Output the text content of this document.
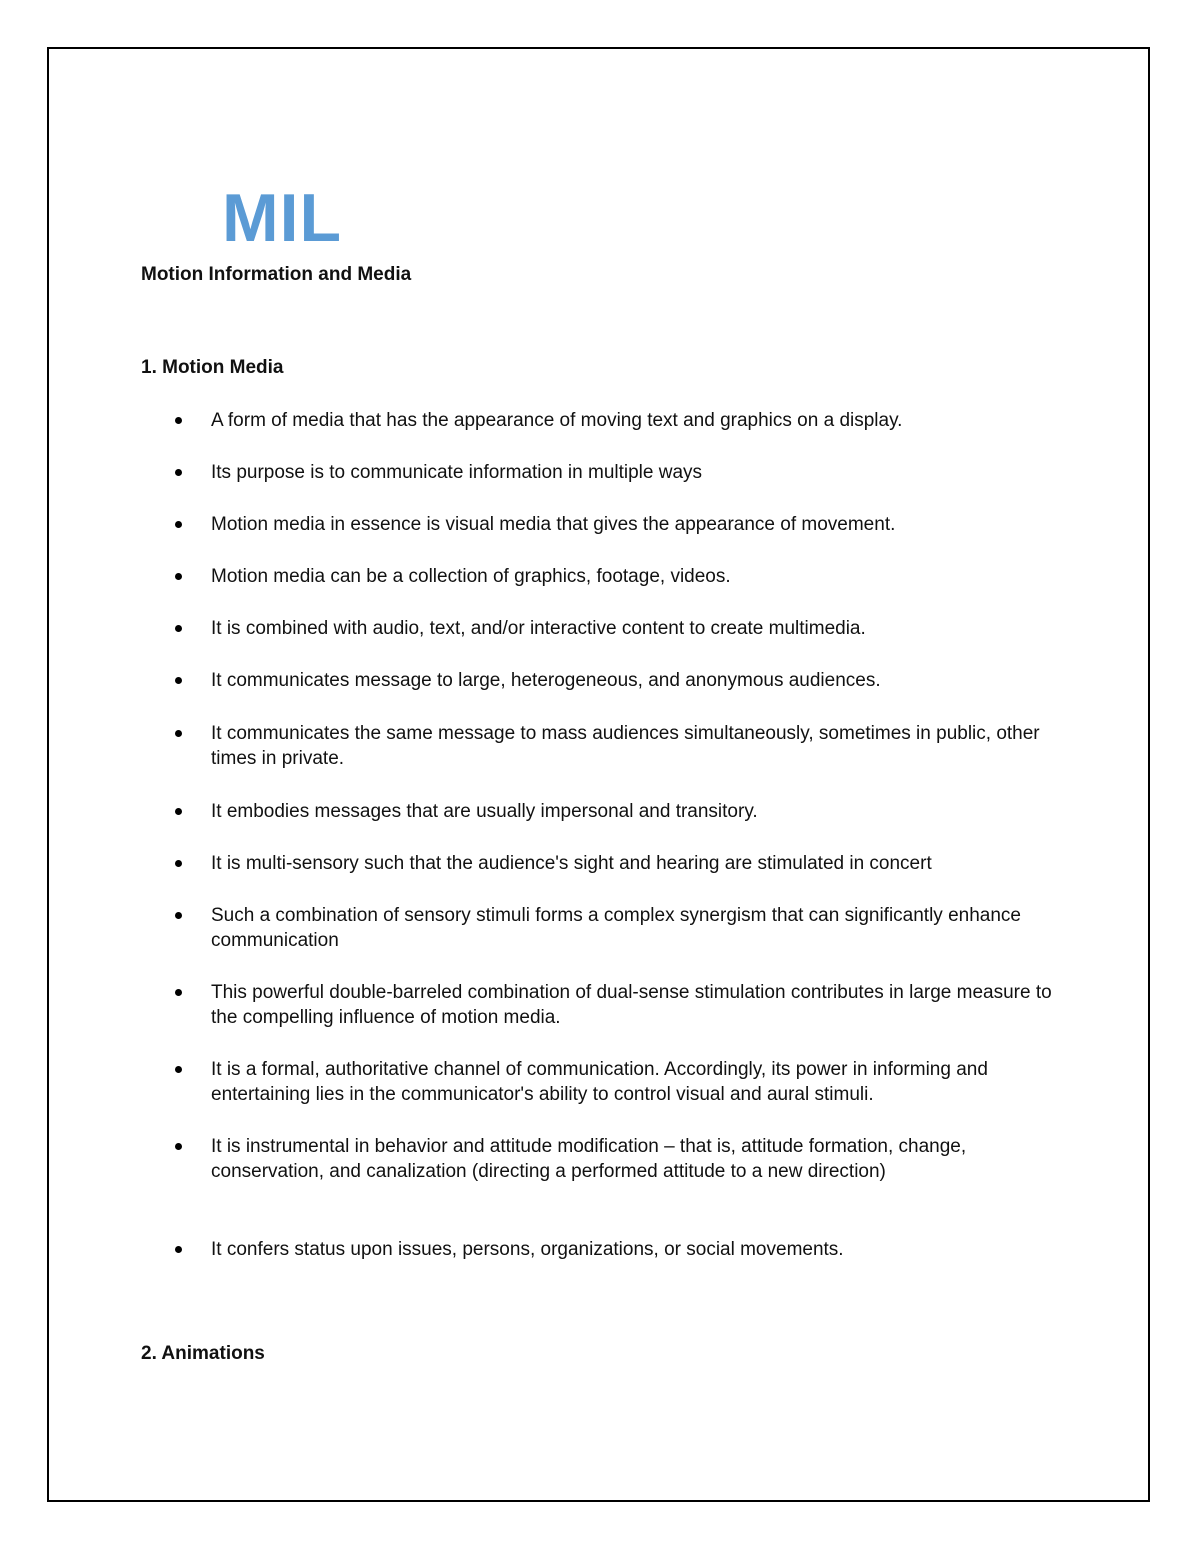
MIL

Motion Information and Media

1. Motion Media
A form of media that has the appearance of moving text and graphics on a display.
Its purpose is to communicate information in multiple ways
Motion media in essence is visual media that gives the appearance of movement.
Motion media can be a collection of graphics, footage, videos.
It is combined with audio, text, and/or interactive content to create multimedia.
It communicates message to large, heterogeneous, and anonymous audiences.
It communicates the same message to mass audiences simultaneously, sometimes in public, other times in private.
It embodies messages that are usually impersonal and transitory.
It is multi-sensory such that the audience's sight and hearing are stimulated in concert
Such a combination of sensory stimuli forms a complex synergism that can significantly enhance communication
This powerful double-barreled combination of dual-sense stimulation contributes in large measure to the compelling influence of motion media.
It is a formal, authoritative channel of communication. Accordingly, its power in informing and entertaining lies in the communicator's ability to control visual and aural stimuli.
It is instrumental in behavior and attitude modification – that is, attitude formation, change, conservation, and canalization (directing a performed attitude to a new direction)
It confers status upon issues, persons, organizations, or social movements.
2. Animations
